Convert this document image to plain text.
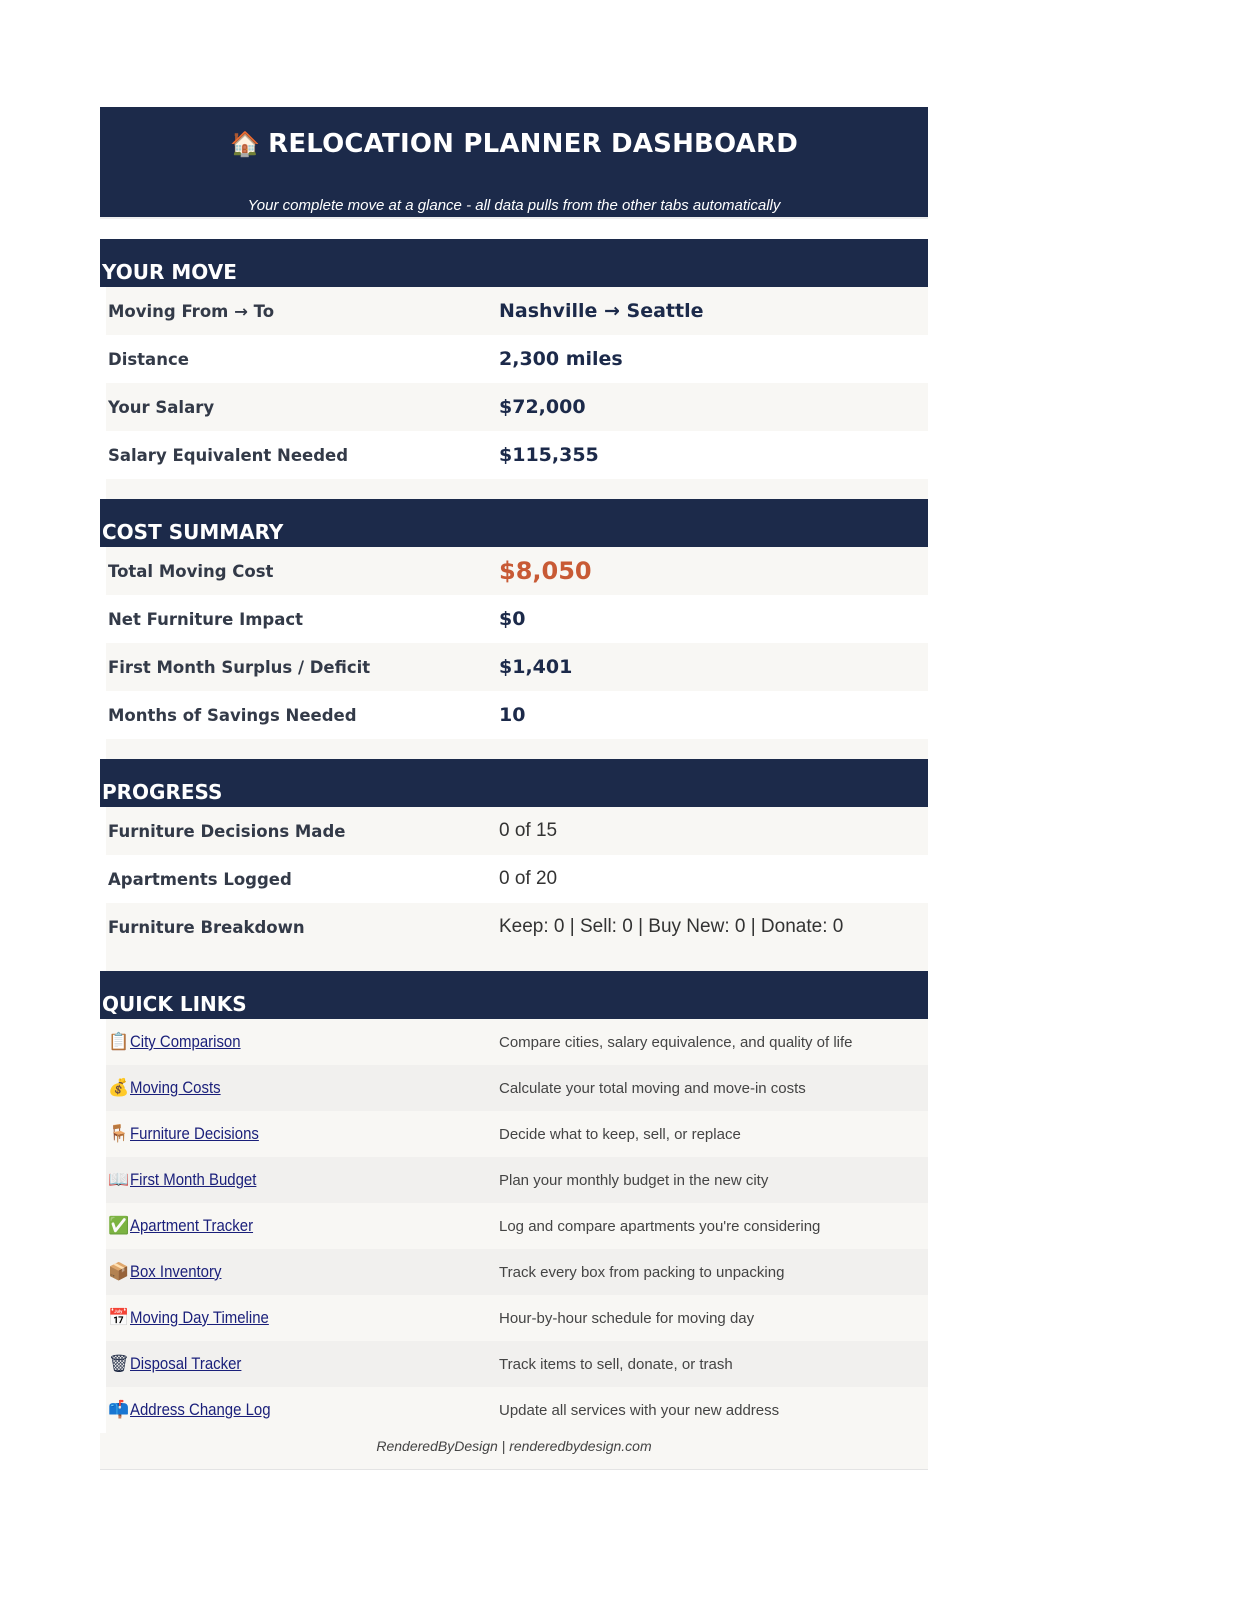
🏠 RELOCATION PLANNER DASHBOARD
Your complete move at a glance - all data pulls from the other tabs automatically
YOUR MOVE
Moving From → To	Nashville → Seattle
Distance	2,300 miles
Your Salary	$72,000
Salary Equivalent Needed	$115,355
COST SUMMARY
Total Moving Cost	$8,050
Net Furniture Impact	$0
First Month Surplus / Deficit	$1,401
Months of Savings Needed	10
PROGRESS
Furniture Decisions Made	0 of 15
Apartments Logged	0 of 20
Furniture Breakdown	Keep: 0 | Sell: 0 | Buy New: 0 | Donate: 0
QUICK LINKS
📋 City Comparison	Compare cities, salary equivalence, and quality of life
💰 Moving Costs	Calculate your total moving and move-in costs
🪑 Furniture Decisions	Decide what to keep, sell, or replace
📖 First Month Budget	Plan your monthly budget in the new city
✅ Apartment Tracker	Log and compare apartments you're considering
📦 Box Inventory	Track every box from packing to unpacking
📅 Moving Day Timeline	Hour-by-hour schedule for moving day
🗑 Disposal Tracker	Track items to sell, donate, or trash
📫 Address Change Log	Update all services with your new address
RenderedByDesign | renderedbydesign.com
